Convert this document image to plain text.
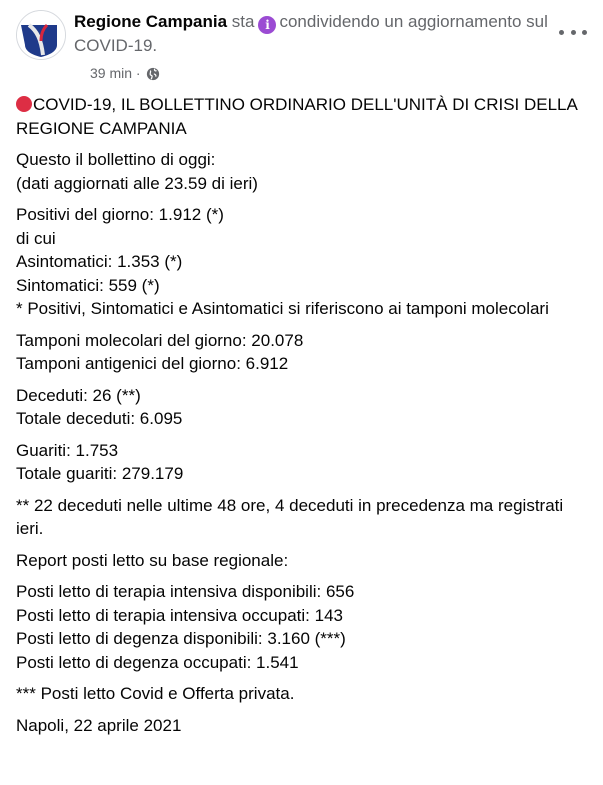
Regione Campania sta i condividendo un aggiornamento sul COVID-19.
39 min ·

COVID-19, IL BOLLETTINO ORDINARIO DELL'UNITÀ DI CRISI DELLA REGIONE CAMPANIA

Questo il bollettino di oggi:
(dati aggiornati alle 23.59 di ieri)

Positivi del giorno: 1.912 (*)
di cui
Asintomatici: 1.353 (*)
Sintomatici: 559 (*)
* Positivi, Sintomatici e Asintomatici si riferiscono ai tamponi molecolari

Tamponi molecolari del giorno: 20.078
Tamponi antigenici del giorno: 6.912

Deceduti: 26 (**)
Totale deceduti: 6.095

Guariti: 1.753
Totale guariti: 279.179

** 22 deceduti nelle ultime 48 ore, 4 deceduti in precedenza ma registrati ieri.

Report posti letto su base regionale:

Posti letto di terapia intensiva disponibili: 656
Posti letto di terapia intensiva occupati: 143
Posti letto di degenza disponibili: 3.160 (***)
Posti letto di degenza occupati: 1.541

*** Posti letto Covid e Offerta privata.

Napoli, 22 aprile 2021
